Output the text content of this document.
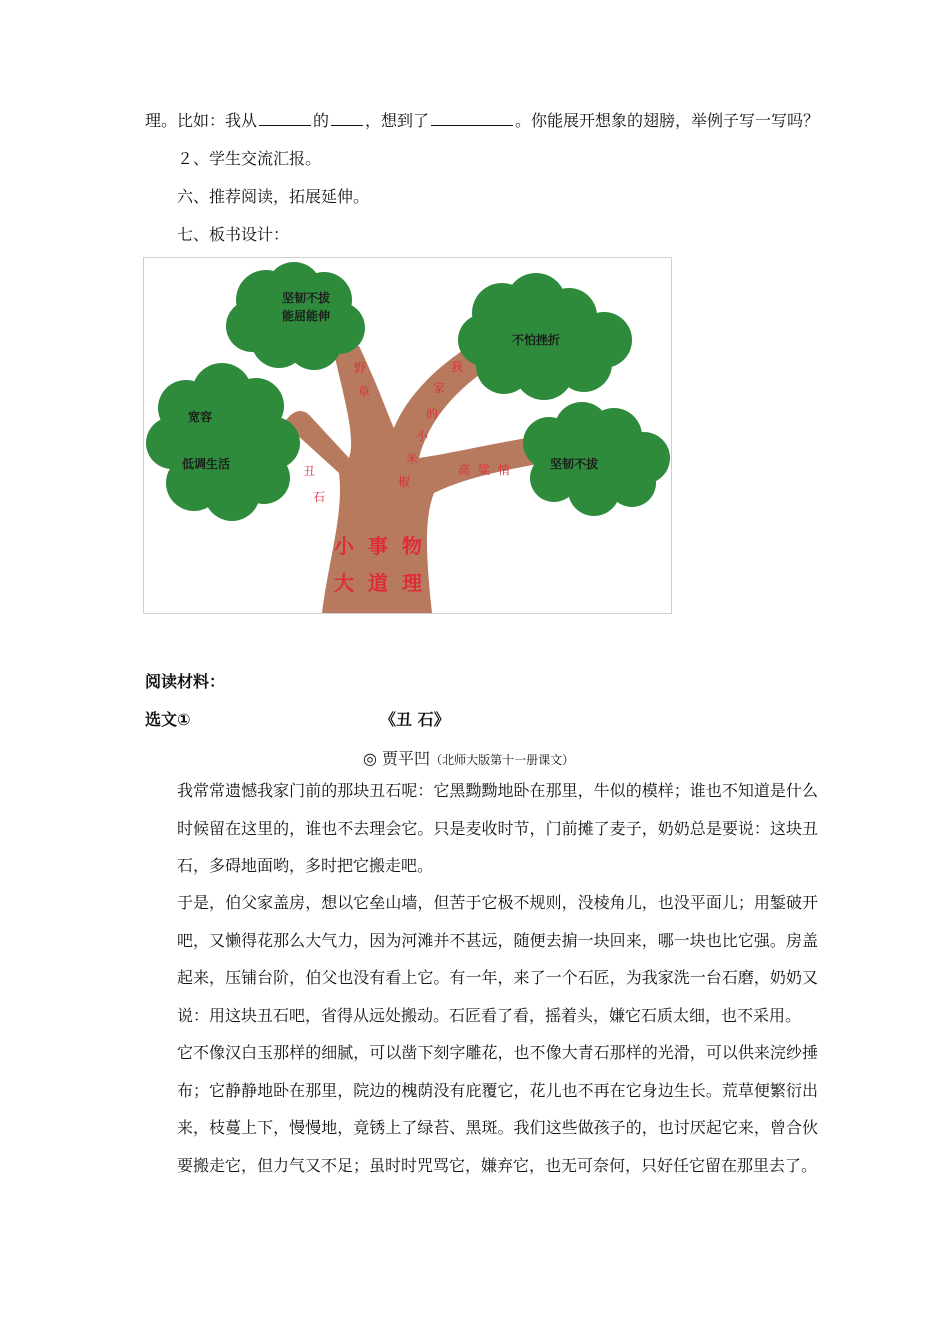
理。比如：我从	的 ，想到了	。你能展开想象的翅膀，举例子写一写吗？
２、学生交流汇报。
六、推荐阅读，拓展延伸。
七、板书设计：
坚韧不拔
能屈能伸
不怕挫折
宽容
低调生活	坚韧不拔
野
草
我
家
的
小
米
椒
丑
石
高 粱 情
小 事 物
大 道 理
阅读材料：
选文①	《丑 石》
◎ 贾平凹（北师大版第十一册课文）
我常常遗憾我家门前的那块丑石呢：它黑黝黝地卧在那里，牛似的模样；谁也不知道是什么时候留在这里的，谁也不去理会它。只是麦收时节，门前摊了麦子，奶奶总是要说：这块丑石，多碍地面哟，多时把它搬走吧。
于是，伯父家盖房，想以它垒山墙，但苦于它极不规则，没棱角儿，也没平面儿；用錾破开吧，又懒得花那么大气力，因为河滩并不甚远，随便去掮一块回来，哪一块也比它强。房盖起来，压铺台阶，伯父也没有看上它。有一年，来了一个石匠，为我家洗一台石磨，奶奶又说：用这块丑石吧，省得从远处搬动。石匠看了看，摇着头，嫌它石质太细，也不采用。
它不像汉白玉那样的细腻，可以凿下刻字雕花，也不像大青石那样的光滑，可以供来浣纱捶布；它静静地卧在那里，院边的槐荫没有庇覆它，花儿也不再在它身边生长。荒草便繁衍出来，枝蔓上下，慢慢地，竟锈上了绿苔、黑斑。我们这些做孩子的，也讨厌起它来，曾合伙要搬走它，但力气又不足；虽时时咒骂它，嫌弃它，也无可奈何，只好任它留在那里去了。
